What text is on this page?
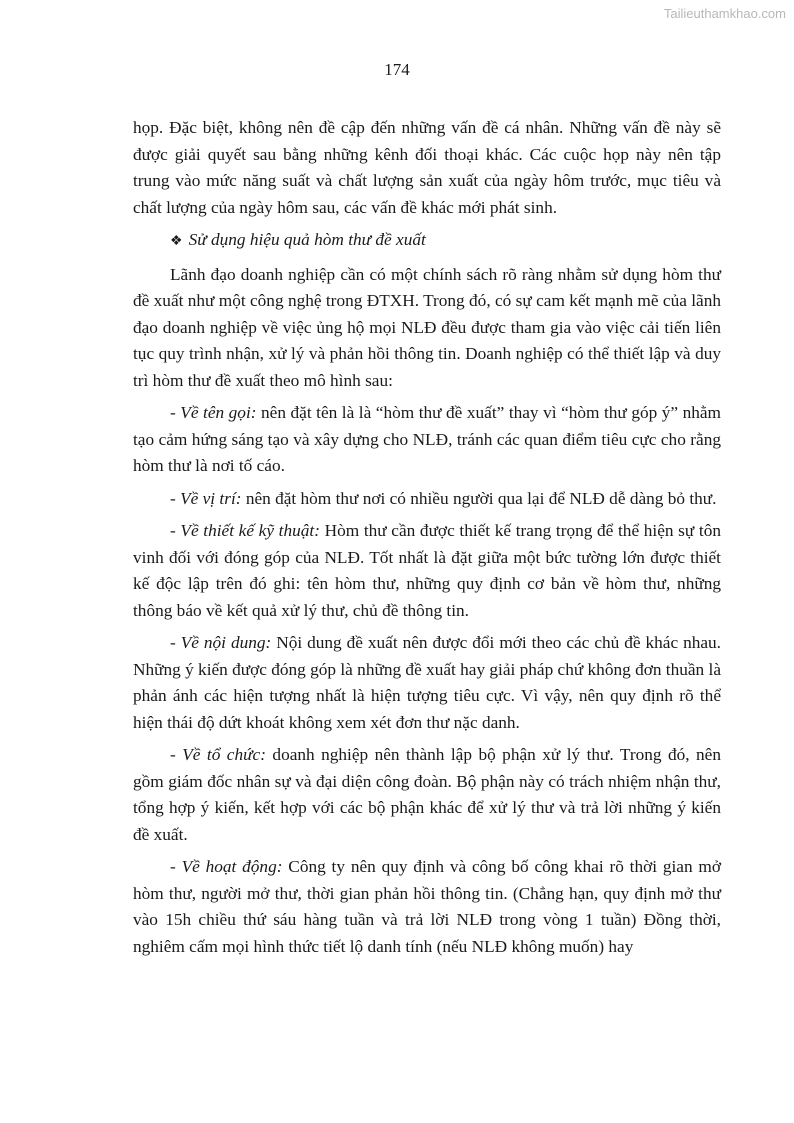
Tailieuthamkhao.com
174

họp. Đặc biệt, không nên đề cập đến những vấn đề cá nhân. Những vấn đề này sẽ được giải quyết sau bằng những kênh đối thoại khác. Các cuộc họp này nên tập trung vào mức năng suất và chất lượng sản xuất của ngày hôm trước, mục tiêu và chất lượng của ngày hôm sau, các vấn đề khác mới phát sinh.

❖ Sử dụng hiệu quả hòm thư đề xuất

Lãnh đạo doanh nghiệp cần có một chính sách rõ ràng nhằm sử dụng hòm thư đề xuất như một công nghệ trong ĐTXH. Trong đó, có sự cam kết mạnh mẽ của lãnh đạo doanh nghiệp về việc ủng hộ mọi NLĐ đều được tham gia vào việc cải tiến liên tục quy trình nhận, xử lý và phản hồi thông tin. Doanh nghiệp có thể thiết lập và duy trì hòm thư đề xuất theo mô hình sau:

- Về tên gọi: nên đặt tên là là “hòm thư đề xuất” thay vì “hòm thư góp ý” nhằm tạo cảm hứng sáng tạo và xây dựng cho NLĐ, tránh các quan điểm tiêu cực cho rằng hòm thư là nơi tố cáo.

- Về vị trí: nên đặt hòm thư nơi có nhiều người qua lại để NLĐ dễ dàng bỏ thư.

- Về thiết kế kỹ thuật: Hòm thư cần được thiết kế trang trọng để thể hiện sự tôn vinh đối với đóng góp của NLĐ. Tốt nhất là đặt giữa một bức tường lớn được thiết kế độc lập trên đó ghi: tên hòm thư, những quy định cơ bản về hòm thư, những thông báo về kết quả xử lý thư, chủ đề thông tin.

- Về nội dung: Nội dung đề xuất nên được đổi mới theo các chủ đề khác nhau. Những ý kiến được đóng góp là những đề xuất hay giải pháp chứ không đơn thuần là phản ánh các hiện tượng nhất là hiện tượng tiêu cực. Vì vậy, nên quy định rõ thể hiện thái độ dứt khoát không xem xét đơn thư nặc danh.

- Về tổ chức: doanh nghiệp nên thành lập bộ phận xử lý thư. Trong đó, nên gồm giám đốc nhân sự và đại diện công đoàn. Bộ phận này có trách nhiệm nhận thư, tổng hợp ý kiến, kết hợp với các bộ phận khác để xử lý thư và trả lời những ý kiến đề xuất.

- Về hoạt động: Công ty nên quy định và công bố công khai rõ thời gian mở hòm thư, người mở thư, thời gian phản hồi thông tin. (Chẳng hạn, quy định mở thư vào 15h chiều thứ sáu hàng tuần và trả lời NLĐ trong vòng 1 tuần) Đồng thời, nghiêm cấm mọi hình thức tiết lộ danh tính (nếu NLĐ không muốn) hay
